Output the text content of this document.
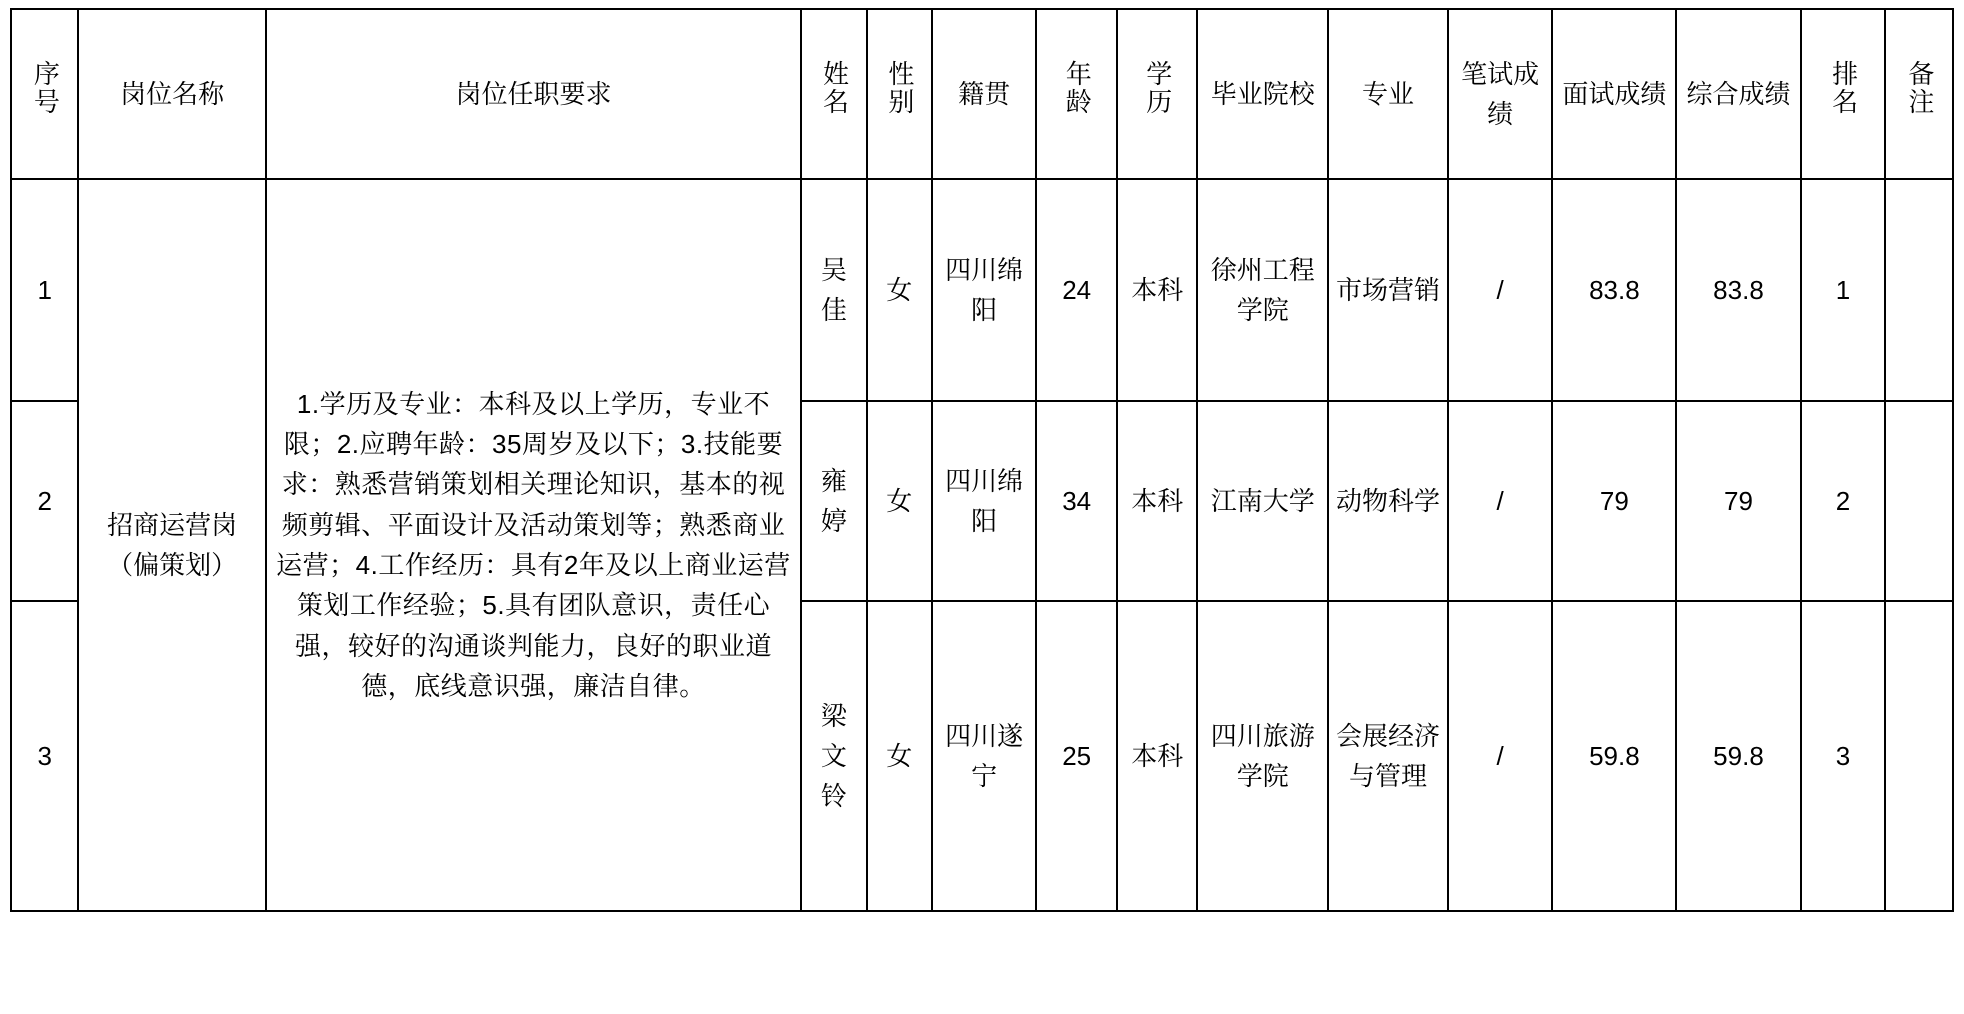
序号	岗位名称	岗位任职要求	姓名	性别	籍贯	年龄	学历	毕业院校	专业	笔试成绩	面试成绩	综合成绩	排名	备注
1	招商运营岗（偏策划）	1.学历及专业：本科及以上学历，专业不限；2.应聘年龄：35周岁及以下；3.技能要求：熟悉营销策划相关理论知识，基本的视频剪辑、平面设计及活动策划等；熟悉商业运营；4.工作经历：具有2年及以上商业运营策划工作经验；5.具有团队意识，责任心强，较好的沟通谈判能力，良好的职业道德，底线意识强，廉洁自律。	吴佳	女	四川绵阳	24	本科	徐州工程学院	市场营销	/	83.8	83.8	1	
2			雍婷	女	四川绵阳	34	本科	江南大学	动物科学	/	79	79	2	
3			梁文铃	女	四川遂宁	25	本科	四川旅游学院	会展经济与管理	/	59.8	59.8	3	
